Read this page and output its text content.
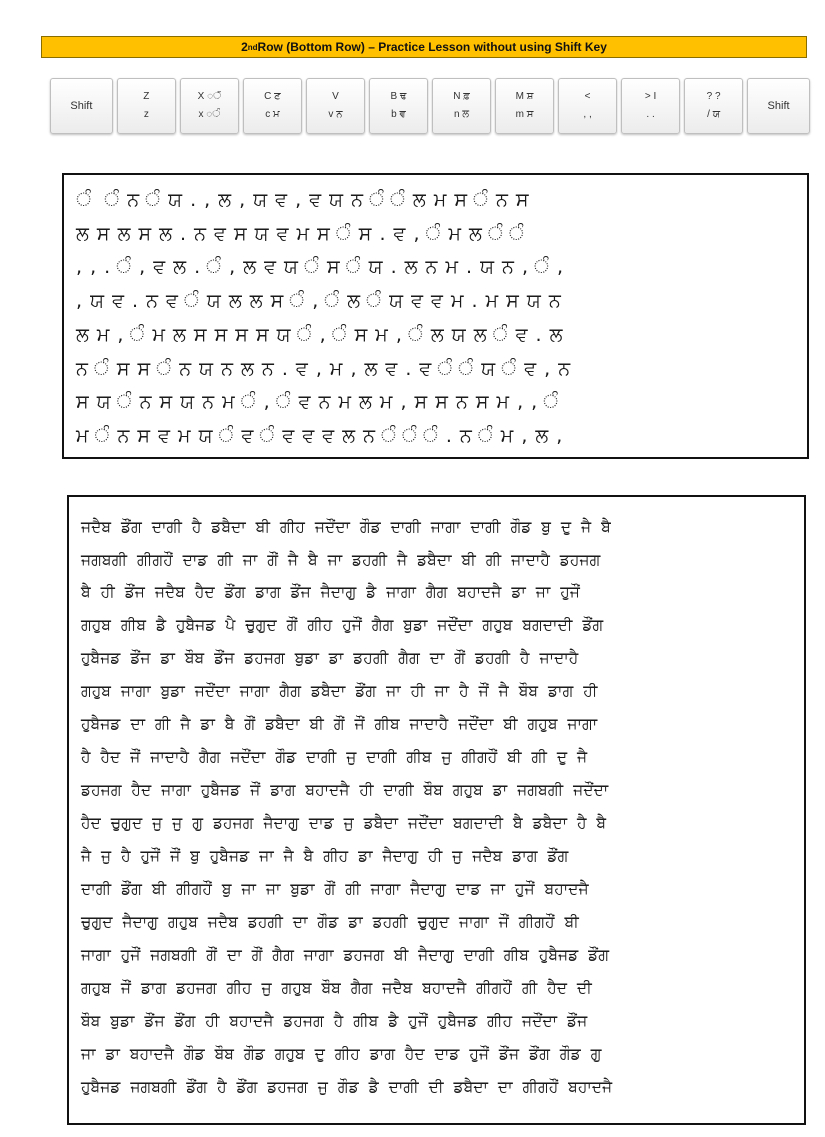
2 nd Row (Bottom Row) – Practice Lesson without using Shift Key
Shift
Z
z
X ◌ੱ
x ◌ੰ
C ਣ
c ਮ
V
v ਨ
B ਢ
b ਵ
N ਫ਼
n ਲ
M ਸ਼
m ਸ
<
, ,
> I
. .
? ?
/ ਯ
Shift
ੰ  ੰ ਨ ੰ ਯ . , ਲ , ਯ ਵ , ਵ ਯ ਨ ੰ ੰ ਲ ਮ ਸ ੰ ਨ ਸ
ਲ ਸ ਲ ਸ ਲ . ਨ ਵ ਸ ਯ ਵ ਮ ਸ ੰ ਸ . ਵ , ੰ ਮ ਲ ੰ ੰ
, , . ੰ , ਵ ਲ . ੰ , ਲ ਵ ਯ ੰ ਸ ੰ ਯ . ਲ ਨ ਮ . ਯ ਨ , ੰ ,
, ਯ ਵ . ਨ ਵ ੰ ਯ ਲ ਲ ਸ ੰ , ੰ ਲ ੰ ਯ ਵ ਵ ਮ . ਮ ਸ ਯ ਨ
ਲ ਮ , ੰ ਮ ਲ ਸ ਸ ਸ ਸ ਯ ੰ , ੰ ਸ ਮ , ੰ ਲ ਯ ਲ ੰ ਵ . ਲ
ਨ ੰ ਸ ਸ ੰ ਨ ਯ ਨ ਲ ਨ . ਵ , ਮ , ਲ ਵ . ਵ ੰ ੰ ਯ ੰ ਵ , ਨ
ਸ ਯ ੰ ਨ ਸ ਯ ਨ ਮ ੰ , ੰ ਵ ਨ ਮ ਲ ਮ , ਸ ਸ ਨ ਸ ਮ , , ੰ
ਮ ੰ ਨ ਸ ਵ ਮ ਯ ੰ ਵ ੰ ਵ ਵ ਵ ਲ ਨ ੰ ੰ ੰ . ਨ ੰ ਮ , ਲ ,
ਜਦੈਬ ਡੌਂਗ ਦਾਗੀ ਹੈ ਡਬੈਦਾ ਬੀ ਗੀਹ ਜਦੌਂਦਾ ਗੌਡ ਦਾਗੀ ਜਾਗਾ ਦਾਗੀ ਗੌਡ ਬੁ ਦੁ ਜੈ ਬੈ
ਜਗਬਗੀ ਗੀਗਹੌਂ ਦਾਡ ਗੀ ਜਾ ਗੌਂ ਜੈ ਬੈ ਜਾ ਡਹਗੀ ਜੈ ਡਬੈਦਾ ਬੀ ਗੀ ਜਾਦਾਹੈ ਡਹਜਗ
ਬੈ ਹੀ ਡੌਂਜ ਜਦੈਬ ਹੈਦ ਡੌਂਗ ਡਾਗ ਡੌਂਜ ਜੈਦਾਗੁ ਡੈ ਜਾਗਾ ਗੈਗ ਬਹਾਦਜੈ ਡਾ ਜਾ ਹੁਜੌਂ
ਗਹੁਬ ਗੀਬ ਡੈ ਹੁਬੈਜਡ ਪੈ ਚੁਗੁਦ ਗੌਂ ਗੀਹ ਹੁਜੌਂ ਗੈਗ ਬੁਡਾ ਜਦੌਂਦਾ ਗਹੁਬ ਬਗਦਾਦੀ ਡੌਂਗ
ਹੁਬੈਜਡ ਡੌਂਜ ਡਾ ਬੌਬ ਡੌਂਜ ਡਹਜਗ ਬੁਡਾ ਡਾ ਡਹਗੀ ਗੈਗ ਦਾ ਗੌਂ ਡਹਗੀ ਹੈ ਜਾਦਾਹੈ
ਗਹੁਬ ਜਾਗਾ ਬੁਡਾ ਜਦੌਂਦਾ ਜਾਗਾ ਗੈਗ ਡਬੈਦਾ ਡੌਂਗ ਜਾ ਹੀ ਜਾ ਹੈ ਜੌਂ ਜੈ ਬੌਬ ਡਾਗ ਹੀ
ਹੁਬੈਜਡ ਦਾ ਗੀ ਜੈ ਡਾ ਬੈ ਗੌਂ ਡਬੈਦਾ ਬੀ ਗੌਂ ਜੌਂ ਗੀਬ ਜਾਦਾਹੈ ਜਦੌਂਦਾ ਬੀ ਗਹੁਬ ਜਾਗਾ
ਹੈ ਹੈਦ ਜੌਂ ਜਾਦਾਹੈ ਗੈਗ ਜਦੌਂਦਾ ਗੌਡ ਦਾਗੀ ਜੁ ਦਾਗੀ ਗੀਬ ਜੁ ਗੀਗਹੌਂ ਬੀ ਗੀ ਦੁ ਜੈ
ਡਹਜਗ ਹੈਦ ਜਾਗਾ ਹੁਬੈਜਡ ਜੌਂ ਡਾਗ ਬਹਾਦਜੈ ਹੀ ਦਾਗੀ ਬੌਬ ਗਹੁਬ ਡਾ ਜਗਬਗੀ ਜਦੌਂਦਾ
ਹੈਦ ਚੁਗੁਦ ਜੁ ਜੁ ਗੁ ਡਹਜਗ ਜੈਦਾਗੁ ਦਾਡ ਜੁ ਡਬੈਦਾ ਜਦੌਂਦਾ ਬਗਦਾਦੀ ਬੈ ਡਬੈਦਾ ਹੈ ਬੈ
ਜੈ ਜੁ ਹੈ ਹੁਜੌਂ ਜੌਂ ਬੁ ਹੁਬੈਜਡ ਜਾ ਜੈ ਬੈ ਗੀਹ ਡਾ ਜੈਦਾਗੁ ਹੀ ਜੁ ਜਦੈਬ ਡਾਗ ਡੌਂਗ
ਦਾਗੀ ਡੌਂਗ ਬੀ ਗੀਗਹੌਂ ਬੁ ਜਾ ਜਾ ਬੁਡਾ ਗੌਂ ਗੀ ਜਾਗਾ ਜੈਦਾਗੁ ਦਾਡ ਜਾ ਹੁਜੌਂ ਬਹਾਦਜੈ
ਚੁਗੁਦ ਜੈਦਾਗੁ ਗਹੁਬ ਜਦੈਬ ਡਹਗੀ ਦਾ ਗੌਡ ਡਾ ਡਹਗੀ ਚੁਗੁਦ ਜਾਗਾ ਜੌਂ ਗੀਗਹੌਂ ਬੀ
ਜਾਗਾ ਹੁਜੌਂ ਜਗਬਗੀ ਗੌਂ ਦਾ ਗੌਂ ਗੈਗ ਜਾਗਾ ਡਹਜਗ ਬੀ ਜੈਦਾਗੁ ਦਾਗੀ ਗੀਬ ਹੁਬੈਜਡ ਡੌਂਗ
ਗਹੁਬ ਜੌਂ ਡਾਗ ਡਹਜਗ ਗੀਹ ਜੁ ਗਹੁਬ ਬੌਬ ਗੈਗ ਜਦੈਬ ਬਹਾਦਜੈ ਗੀਗਹੌਂ ਗੀ ਹੈਦ ਦੀ
ਬੌਬ ਬੁਡਾ ਡੌਂਜ ਡੌਂਗ ਹੀ ਬਹਾਦਜੈ ਡਹਜਗ ਹੈ ਗੀਬ ਡੈ ਹੁਜੌਂ ਹੁਬੈਜਡ ਗੀਹ ਜਦੌਂਦਾ ਡੌਂਜ
ਜਾ ਡਾ ਬਹਾਦਜੈ ਗੌਡ ਬੌਬ ਗੌਡ ਗਹੁਬ ਦੁ ਗੀਹ ਡਾਗ ਹੈਦ ਦਾਡ ਹੁਜੌਂ ਡੌਂਜ ਡੌਂਗ ਗੌਡ ਗੁ
ਹੁਬੈਜਡ ਜਗਬਗੀ ਡੌਂਗ ਹੈ ਡੌਂਗ ਡਹਜਗ ਜੁ ਗੌਡ ਡੈ ਦਾਗੀ ਦੀ ਡਬੈਦਾ ਦਾ ਗੀਗਹੌਂ ਬਹਾਦਜੈ
